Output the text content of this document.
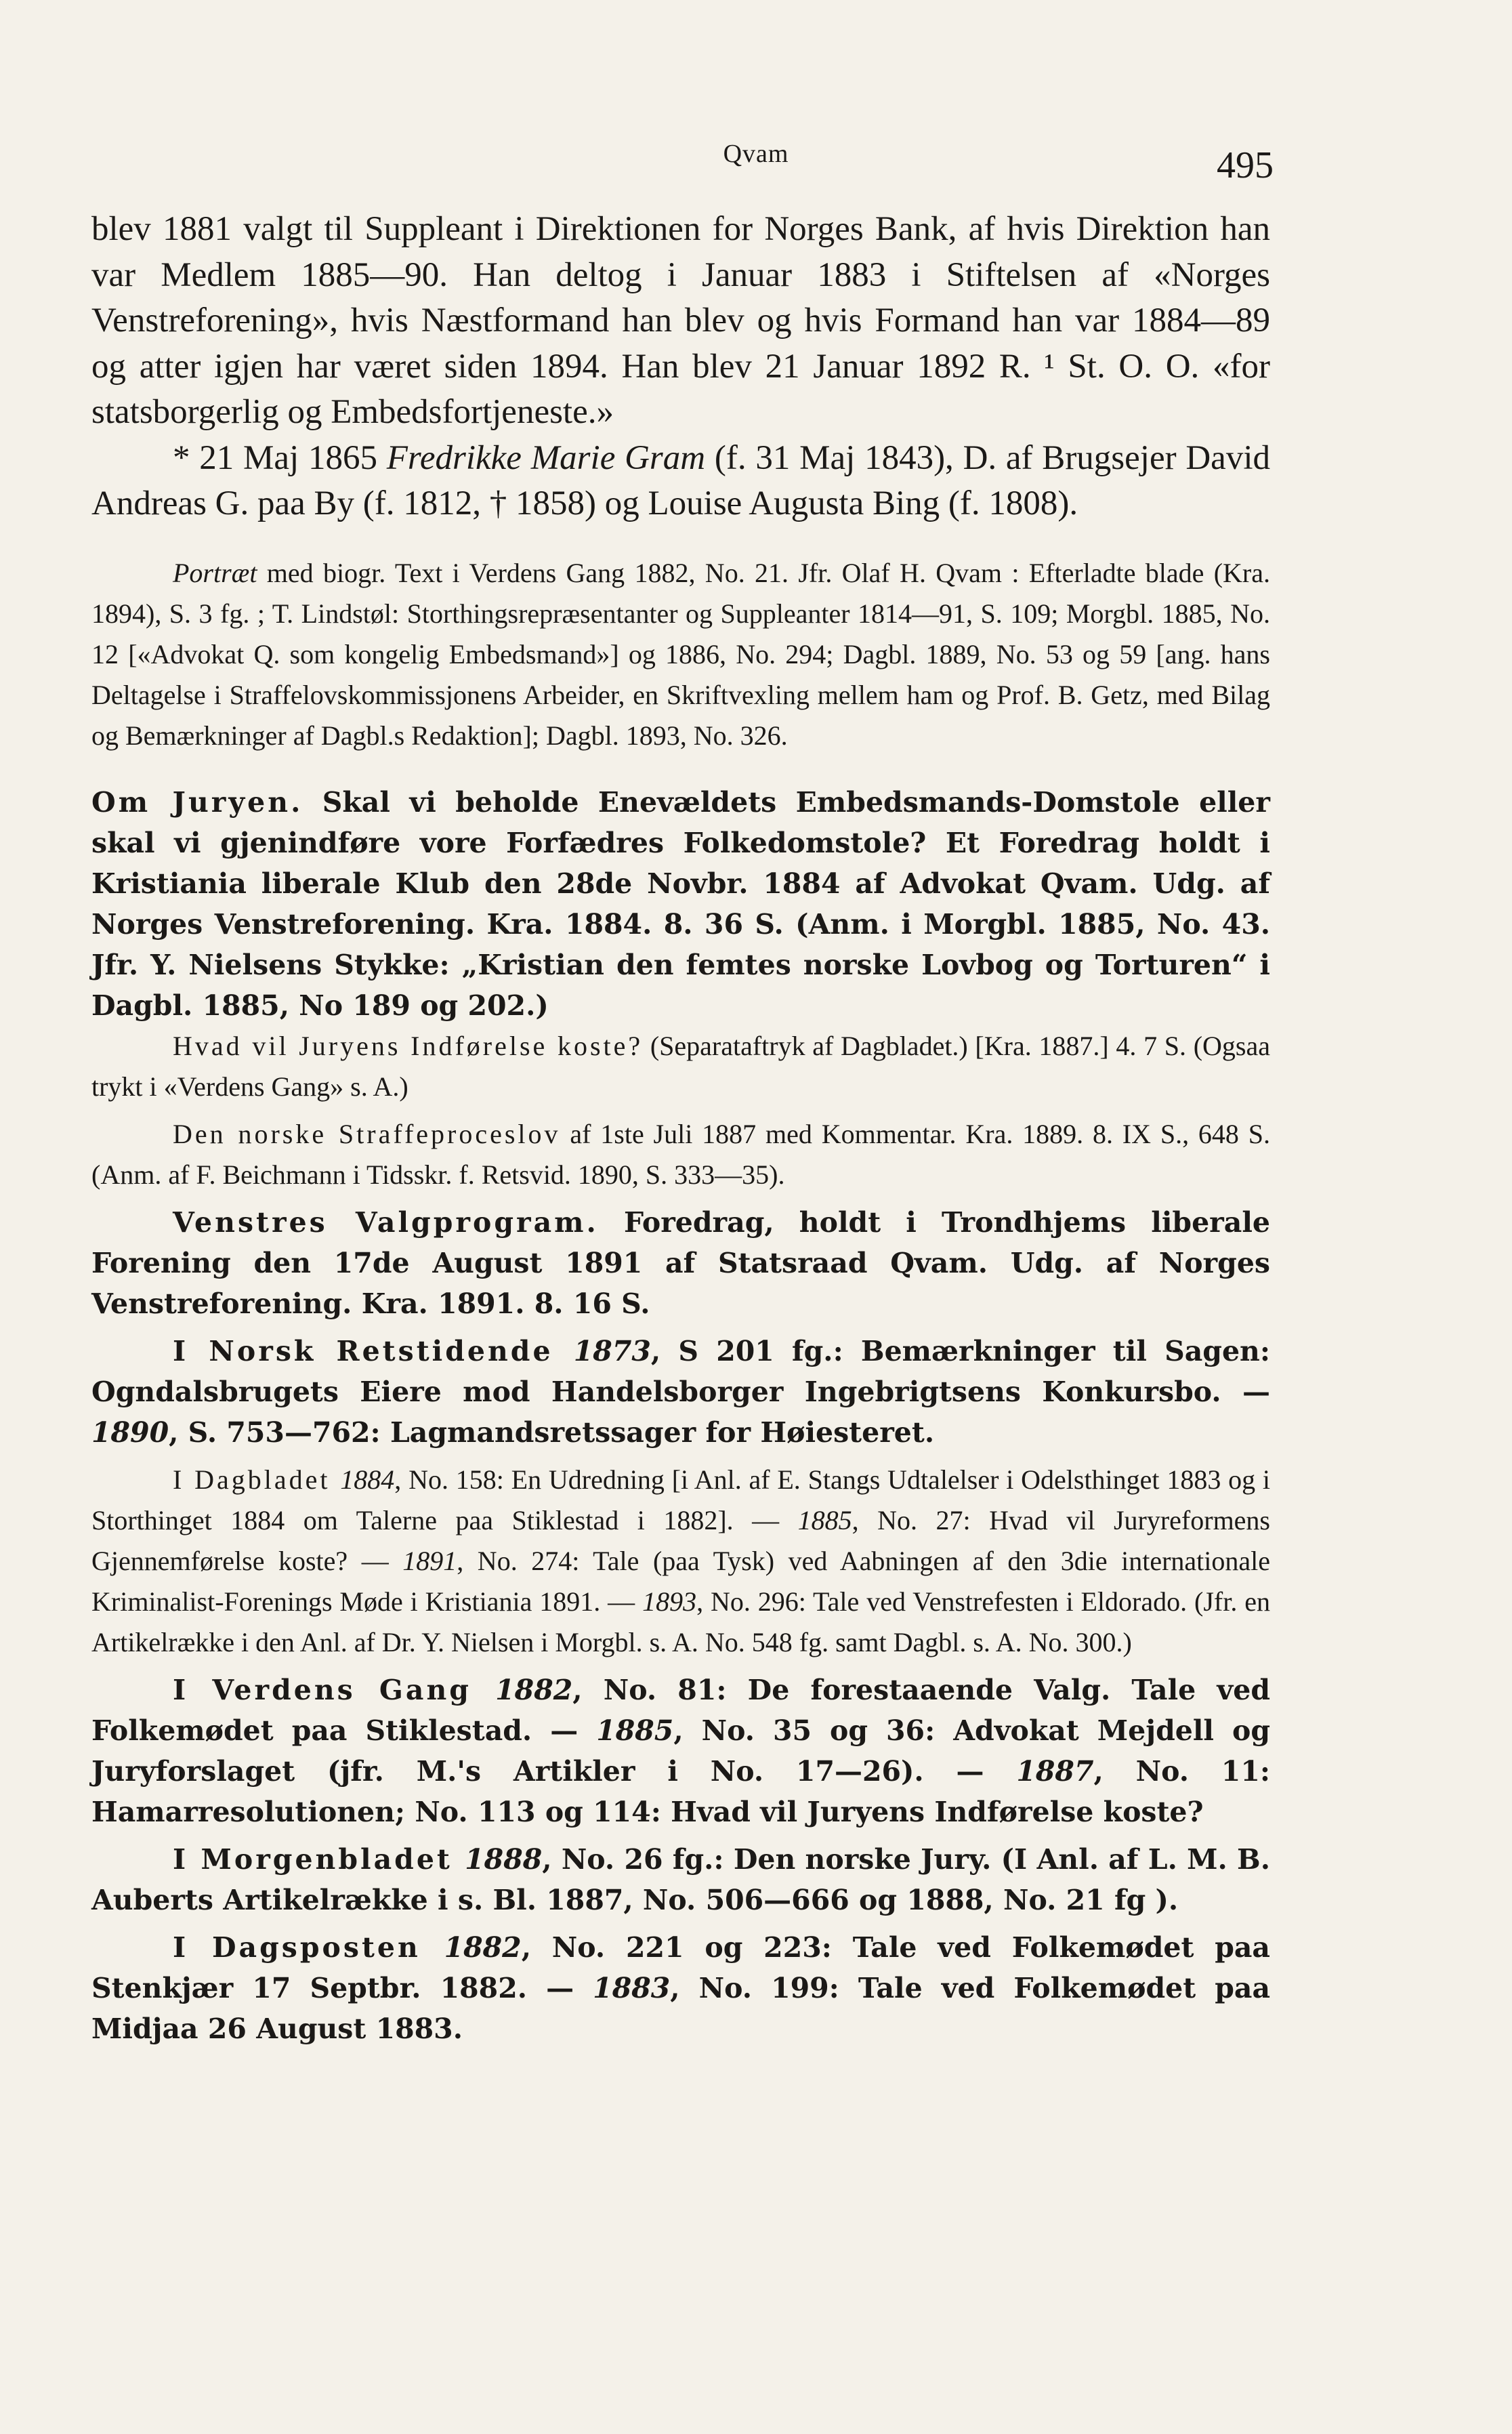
Qvam	495

blev 1881 valgt til Suppleant i Direktionen for Norges Bank, af hvis Direktion han var Medlem 1885—90. Han deltog i Januar 1883 i Stiftelsen af «Norges Venstreforening», hvis Næstformand han blev og hvis Formand han var 1884—89 og atter igjen har været siden 1894. Han blev 21 Januar 1892 R. ¹ St. O. O. «for statsborgerlig og Embedsfortjeneste.»

* 21 Maj 1865 Fredrikke Marie Gram (f. 31 Maj 1843), D. af Brugsejer David Andreas G. paa By (f. 1812, † 1858) og Louise Augusta Bing (f. 1808).

Portræt med biogr. Text i Verdens Gang 1882, No. 21. Jfr. Olaf H. Qvam : Efterladte blade (Kra. 1894), S. 3 fg. ; T. Lindstøl: Storthingsrepræsentanter og Suppleanter 1814—91, S. 109; Morgbl. 1885, No. 12 [«Advokat Q. som kongelig Embedsmand»] og 1886, No. 294; Dagbl. 1889, No. 53 og 59 [ang. hans Deltagelse i Straffelovskommissjonens Arbeider, en Skriftvexling mellem ham og Prof. B. Getz, med Bilag og Bemærkninger af Dagbl.s Redaktion]; Dagbl. 1893, No. 326.

Om Juryen. Skal vi beholde Enevældets Embedsmands-Domstole eller skal vi gjenindføre vore Forfædres Folkedomstole? Et Foredrag holdt i Kristiania liberale Klub den 28de Novbr. 1884 af Advokat Qvam. Udg. af Norges Venstreforening. Kra. 1884. 8. 36 S. (Anm. i Morgbl. 1885, No. 43. Jfr. Y. Nielsens Stykke: „Kristian den femtes norske Lovbog og Torturen“ i Dagbl. 1885, No 189 og 202.)

Hvad vil Juryens Indførelse koste? (Separataftryk af Dagbladet.) [Kra. 1887.] 4. 7 S. (Ogsaa trykt i «Verdens Gang» s. A.)

Den norske Straffeproceslov af 1ste Juli 1887 med Kommentar. Kra. 1889. 8. IX S., 648 S. (Anm. af F. Beichmann i Tidsskr. f. Retsvid. 1890, S. 333—35).

Venstres Valgprogram. Foredrag, holdt i Trondhjems liberale Forening den 17de August 1891 af Statsraad Qvam. Udg. af Norges Venstreforening. Kra. 1891. 8. 16 S.

I Norsk Retstidende 1873, S 201 fg.: Bemærkninger til Sagen: Ogndalsbrugets Eiere mod Handelsborger Ingebrigtsens Konkursbo. — 1890, S. 753—762: Lagmandsretssager for Høiesteret.

I Dagbladet 1884, No. 158: En Udredning [i Anl. af E. Stangs Udtalelser i Odelsthinget 1883 og i Storthinget 1884 om Talerne paa Stiklestad i 1882]. — 1885, No. 27: Hvad vil Juryreformens Gjennemførelse koste? — 1891, No. 274: Tale (paa Tysk) ved Aabningen af den 3die internationale Kriminalist-Forenings Møde i Kristiania 1891. — 1893, No. 296: Tale ved Venstrefesten i Eldorado. (Jfr. en Artikelrække i den Anl. af Dr. Y. Nielsen i Morgbl. s. A. No. 548 fg. samt Dagbl. s. A. No. 300.)

I Verdens Gang 1882, No. 81: De forestaaende Valg. Tale ved Folkemødet paa Stiklestad. — 1885, No. 35 og 36: Advokat Mejdell og Juryforslaget (jfr. M.'s Artikler i No. 17—26). — 1887, No. 11: Hamarresolutionen; No. 113 og 114: Hvad vil Juryens Indførelse koste?

I Morgenbladet 1888, No. 26 fg.: Den norske Jury. (I Anl. af L. M. B. Auberts Artikelrække i s. Bl. 1887, No. 506—666 og 1888, No. 21 fg ).

I Dagsposten 1882, No. 221 og 223: Tale ved Folkemødet paa Stenkjær 17 Septbr. 1882. — 1883, No. 199: Tale ved Folkemødet paa Midjaa 26 August 1883.
